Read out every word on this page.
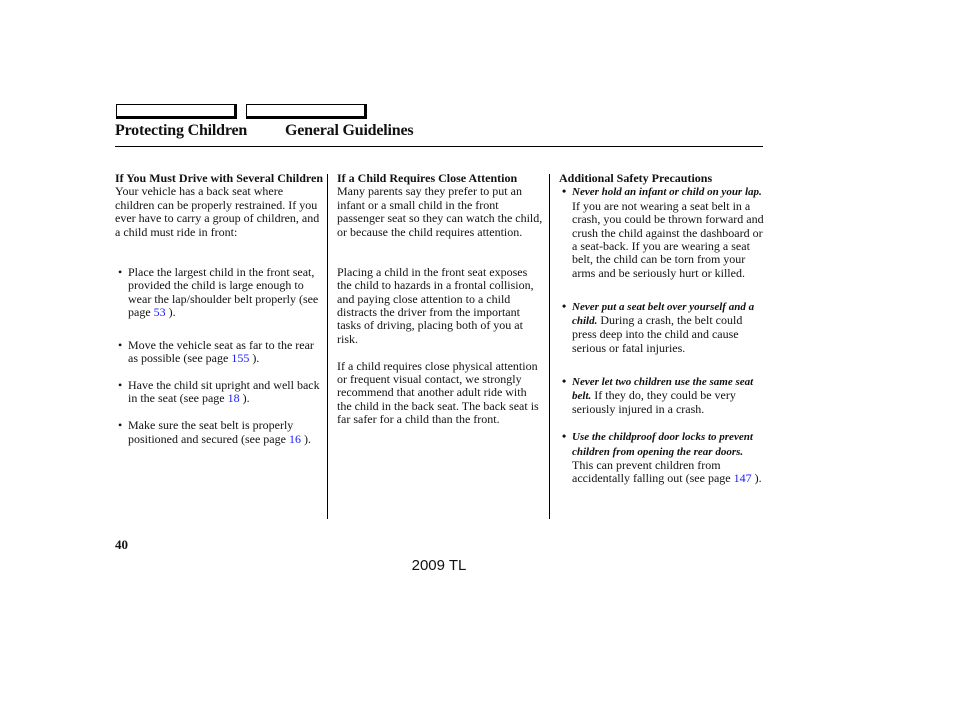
Protecting Children General Guidelines
If You Must Drive with Several Children

Your vehicle has a back seat where children can be properly restrained. If you ever have to carry a group of children, and a child must ride in front:

• Place the largest child in the front seat, provided the child is large enough to wear the lap/shoulder belt properly (see page 53 ).
• Move the vehicle seat as far to the rear as possible (see page 155 ).
• Have the child sit upright and well back in the seat (see page 18 ).
• Make sure the seat belt is properly positioned and secured (see page 16 ).
If a Child Requires Close Attention

Many parents say they prefer to put an infant or a small child in the front passenger seat so they can watch the child, or because the child requires attention.

Placing a child in the front seat exposes the child to hazards in a frontal collision, and paying close attention to a child distracts the driver from the important tasks of driving, placing both of you at risk.

If a child requires close physical attention or frequent visual contact, we strongly recommend that another adult ride with the child in the back seat. The back seat is far safer for a child than the front.

Additional Safety Precautions
• Never hold an infant or child on your lap. If you are not wearing a seat belt in a crash, you could be thrown forward and crush the child against the dashboard or a seat-back. If you are wearing a seat belt, the child can be torn from your arms and be seriously hurt or killed.
• Never put a seat belt over yourself and a child. During a crash, the belt could press deep into the child and cause serious or fatal injuries.
• Never let two children use the same seat belt. If they do, they could be very seriously injured in a crash.
• Use the childproof door locks to prevent children from opening the rear doors. This can prevent children from accidentally falling out (see page 147 ).
40
2009 TL
